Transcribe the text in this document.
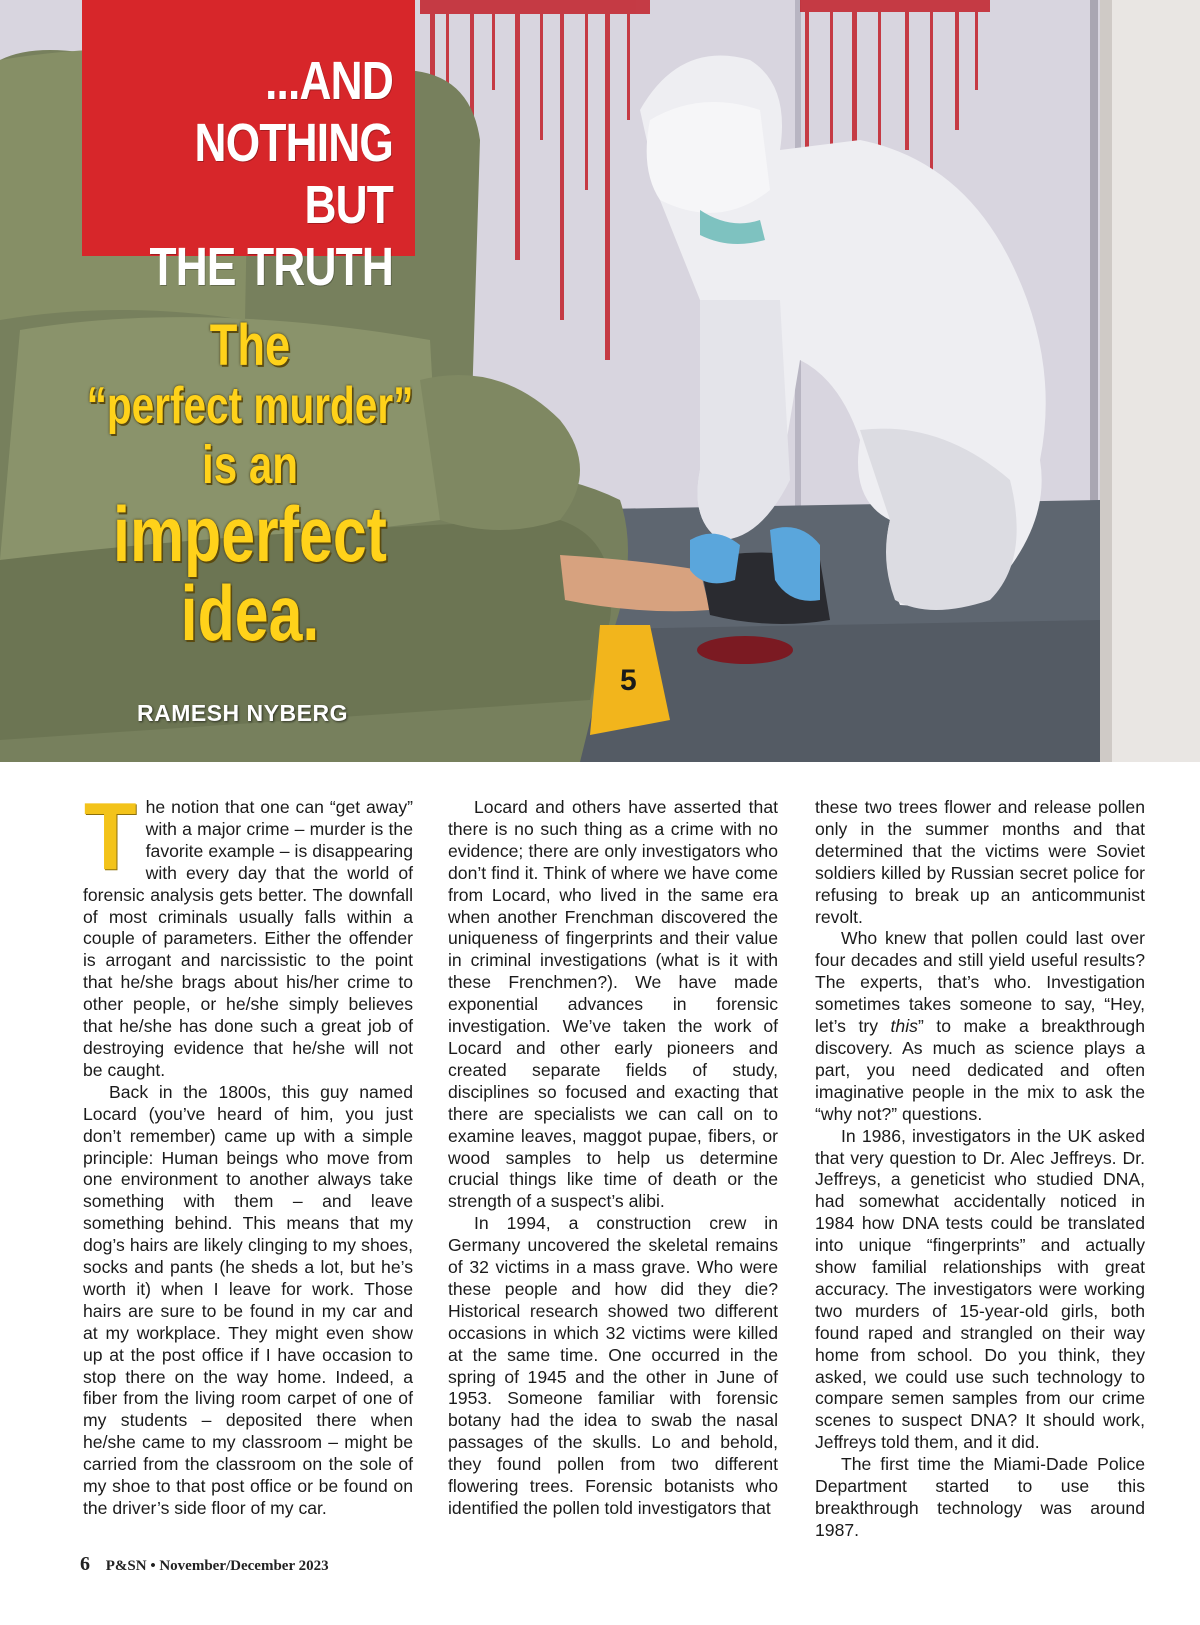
5
...AND
NOTHING BUT
THE TRUTH
The
“perfect murder”
is an
imperfect
idea.
RAMESH NYBERG

The notion that one can “get away” with a major crime – murder is the favorite example – is disappearing with every day that the world of forensic analysis gets better. The downfall of most criminals usually falls within a couple of parameters. Either the offender is arrogant and narcissistic to the point that he/she brags about his/her crime to other people, or he/she simply believes that he/she has done such a great job of destroying evidence that he/she will not be caught.

Back in the 1800s, this guy named Locard (you’ve heard of him, you just don’t remember) came up with a simple principle: Human beings who move from one environment to another always take something with them – and leave something behind. This means that my dog’s hairs are likely clinging to my shoes, socks and pants (he sheds a lot, but he’s worth it) when I leave for work. Those hairs are sure to be found in my car and at my workplace. They might even show up at the post office if I have occasion to stop there on the way home. Indeed, a fiber from the living room carpet of one of my students – deposited there when he/she came to my classroom – might be carried from the classroom on the sole of my shoe to that post office or be found on the driver’s side floor of my car.

Locard and others have asserted that there is no such thing as a crime with no evidence; there are only investigators who don’t find it. Think of where we have come from Locard, who lived in the same era when another Frenchman discovered the uniqueness of fingerprints and their value in criminal investigations (what is it with these Frenchmen?). We have made exponential advances in forensic investigation. We’ve taken the work of Locard and other early pioneers and created separate fields of study, disciplines so focused and exacting that there are specialists we can call on to examine leaves, maggot pupae, fibers, or wood samples to help us determine crucial things like time of death or the strength of a suspect’s alibi.

In 1994, a construction crew in Germany uncovered the skeletal remains of 32 victims in a mass grave. Who were these people and how did they die? Historical research showed two different occasions in which 32 victims were killed at the same time. One occurred in the spring of 1945 and the other in June of 1953. Someone familiar with forensic botany had the idea to swab the nasal passages of the skulls. Lo and behold, they found pollen from two different flowering trees. Forensic botanists who identified the pollen told investigators that

these two trees flower and release pollen only in the summer months and that determined that the victims were Soviet soldiers killed by Russian secret police for refusing to break up an anticommunist revolt.

Who knew that pollen could last over four decades and still yield useful results? The experts, that’s who. Investigation sometimes takes someone to say, “Hey, let’s try this” to make a breakthrough discovery. As much as science plays a part, you need dedicated and often imaginative people in the mix to ask the “why not?” questions.

In 1986, investigators in the UK asked that very question to Dr. Alec Jeffreys. Dr. Jeffreys, a geneticist who studied DNA, had somewhat accidentally noticed in 1984 how DNA tests could be translated into unique “fingerprints” and actually show familial relationships with great accuracy. The investigators were working two murders of 15-year-old girls, both found raped and strangled on their way home from school. Do you think, they asked, we could use such technology to compare semen samples from our crime scenes to suspect DNA? It should work, Jeffreys told them, and it did.

The first time the Miami-Dade Police Department started to use this breakthrough technology was around 1987.

6 P&SN • November/December 2023
